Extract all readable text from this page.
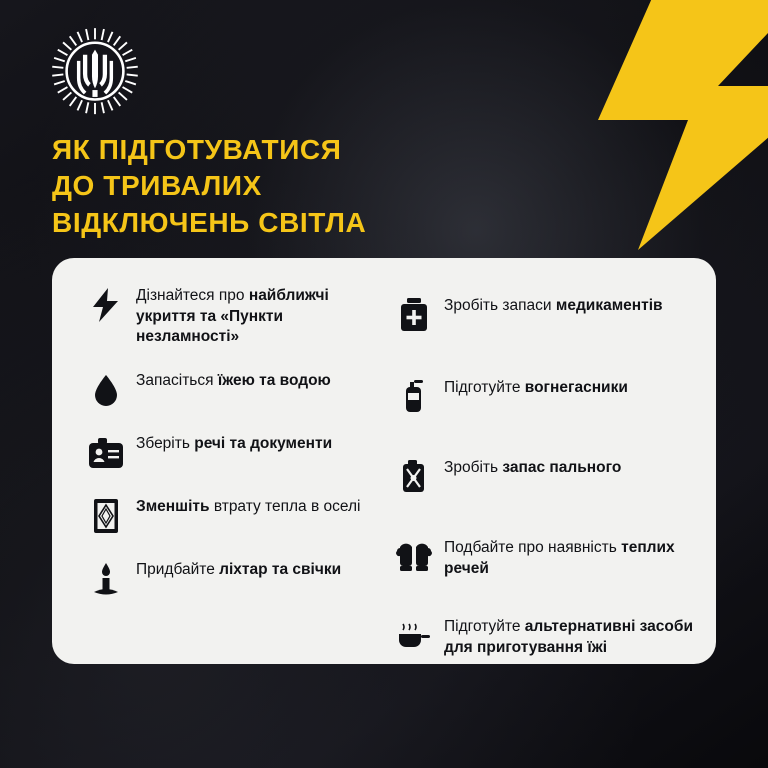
ЯК ПІДГОТУВАТИСЯ
ДО ТРИВАЛИХ
ВІДКЛЮЧЕНЬ СВІТЛА
Дізнайтеся про найближчі укриття та «Пункти незламності»
Запасіться їжею та водою
Зберіть речі та документи
Зменшіть втрату тепла в оселі
Придбайте ліхтар та свічки
Зробіть запаси медикаментів
Підготуйте вогнегасники
Зробіть запас пального
Подбайте про наявність теплих речей
Підготуйте альтернативні засоби для приготування їжі
